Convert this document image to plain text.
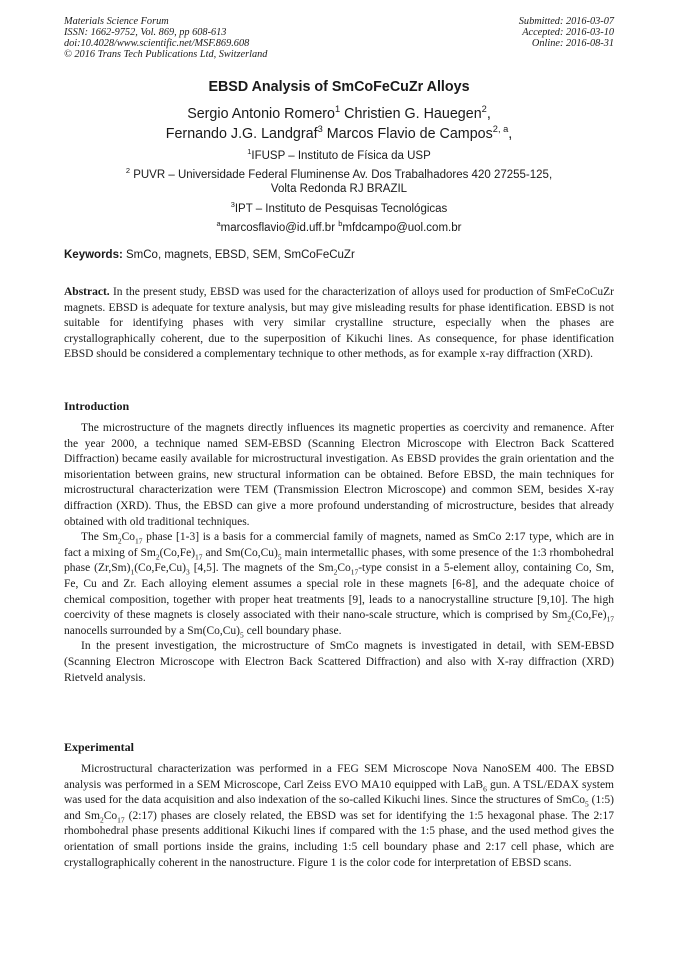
Materials Science Forum
ISSN: 1662-9752, Vol. 869, pp 608-613
doi:10.4028/www.scientific.net/MSF.869.608
© 2016 Trans Tech Publications Ltd, Switzerland
Submitted: 2016-03-07
Accepted: 2016-03-10
Online: 2016-08-31
EBSD Analysis of SmCoFeCuZr Alloys
Sergio Antonio Romero$^1$ Christien G. Hauegen$^2$,
Fernando J.G. Landgraf$^3$ Marcos Flavio de Campos$^{2, a}$,
$^1$IFUSP – Instituto de Física da USP
$^2$ PUVR – Universidade Federal Fluminense Av. Dos Trabalhadores 420 27255-125,
Volta Redonda RJ BRAZIL
$^3$IPT – Instituto de Pesquisas Tecnológicas
$^a$marcosflavio@id.uff.br $^b$mfdcampo@uol.com.br
Keywords: SmCo, magnets, EBSD, SEM, SmCoFeCuZr

Abstract. In the present study, EBSD was used for the characterization of alloys used for production of SmFeCoCuZr magnets. EBSD is adequate for texture analysis, but may give misleading results for phase identification. EBSD is not suitable for identifying phases with very similar crystalline structure, especially when the phases are crystallographically coherent, due to the superposition of Kikuchi lines. As consequence, for phase identification EBSD should be considered a complementary technique to other methods, as for example x-ray diffraction (XRD).

Introduction

The microstructure of the magnets directly influences its magnetic properties as coercivity and remanence. After the year 2000, a technique named SEM-EBSD (Scanning Electron Microscope with Electron Back Scattered Diffraction) became easily available for microstructural investigation. As EBSD provides the grain orientation and the misorientation between grains, new structural information can be obtained. Before EBSD, the main techniques for microstructural characterization were TEM (Transmission Electron Microscope) and common SEM, besides X-ray diffraction (XRD). Thus, the EBSD can give a more profound understanding of microstructure, besides that already obtained with old traditional techniques.

The $Sm_2Co_{17}$ phase [1-3] is a basis for a commercial family of magnets, named as SmCo 2:17 type, which are in fact a mixing of $Sm_2(Co,Fe)_{17}$ and $Sm(Co,Cu)_5$ main intermetallic phases, with some presence of the 1:3 rhombohedral phase $(Zr,Sm)_1(Co,Fe,Cu)_3$ [4,5]. The magnets of the $Sm_2Co_{17}$-type consist in a 5-element alloy, containing Co, Sm, Fe, Cu and Zr. Each alloying element assumes a special role in these magnets [6-8], and the adequate choice of chemical composition, together with proper heat treatments [9], leads to a nanocrystalline structure [9,10]. The high coercivity of these magnets is closely associated with their nano-scale structure, which is comprised by $Sm_2(Co,Fe)_{17}$ nanocells surrounded by a $Sm(Co,Cu)_5$ cell boundary phase.

In the present investigation, the microstructure of SmCo magnets is investigated in detail, with SEM-EBSD (Scanning Electron Microscope with Electron Back Scattered Diffraction) and also with X-ray diffraction (XRD) Rietveld analysis.

Experimental

Microstructural characterization was performed in a FEG SEM Microscope Nova NanoSEM 400. The EBSD analysis was performed in a SEM Microscope, Carl Zeiss EVO MA10 equipped with LaB$_6$ gun. A TSL/EDAX system was used for the data acquisition and also indexation of the so-called Kikuchi lines. Since the structures of SmCo$_5$ (1:5) and $Sm_2Co_{17}$ (2:17) phases are closely related, the EBSD was set for identifying the 1:5 hexagonal phase. The 2:17 rhombohedral phase presents additional Kikuchi lines if compared with the 1:5 phase, and the used method gives the orientation of small portions inside the grains, including 1:5 cell boundary phase and 2:17 cell phase, which are crystallographically coherent in the nanostructure. Figure 1 is the color code for interpretation of EBSD scans.
